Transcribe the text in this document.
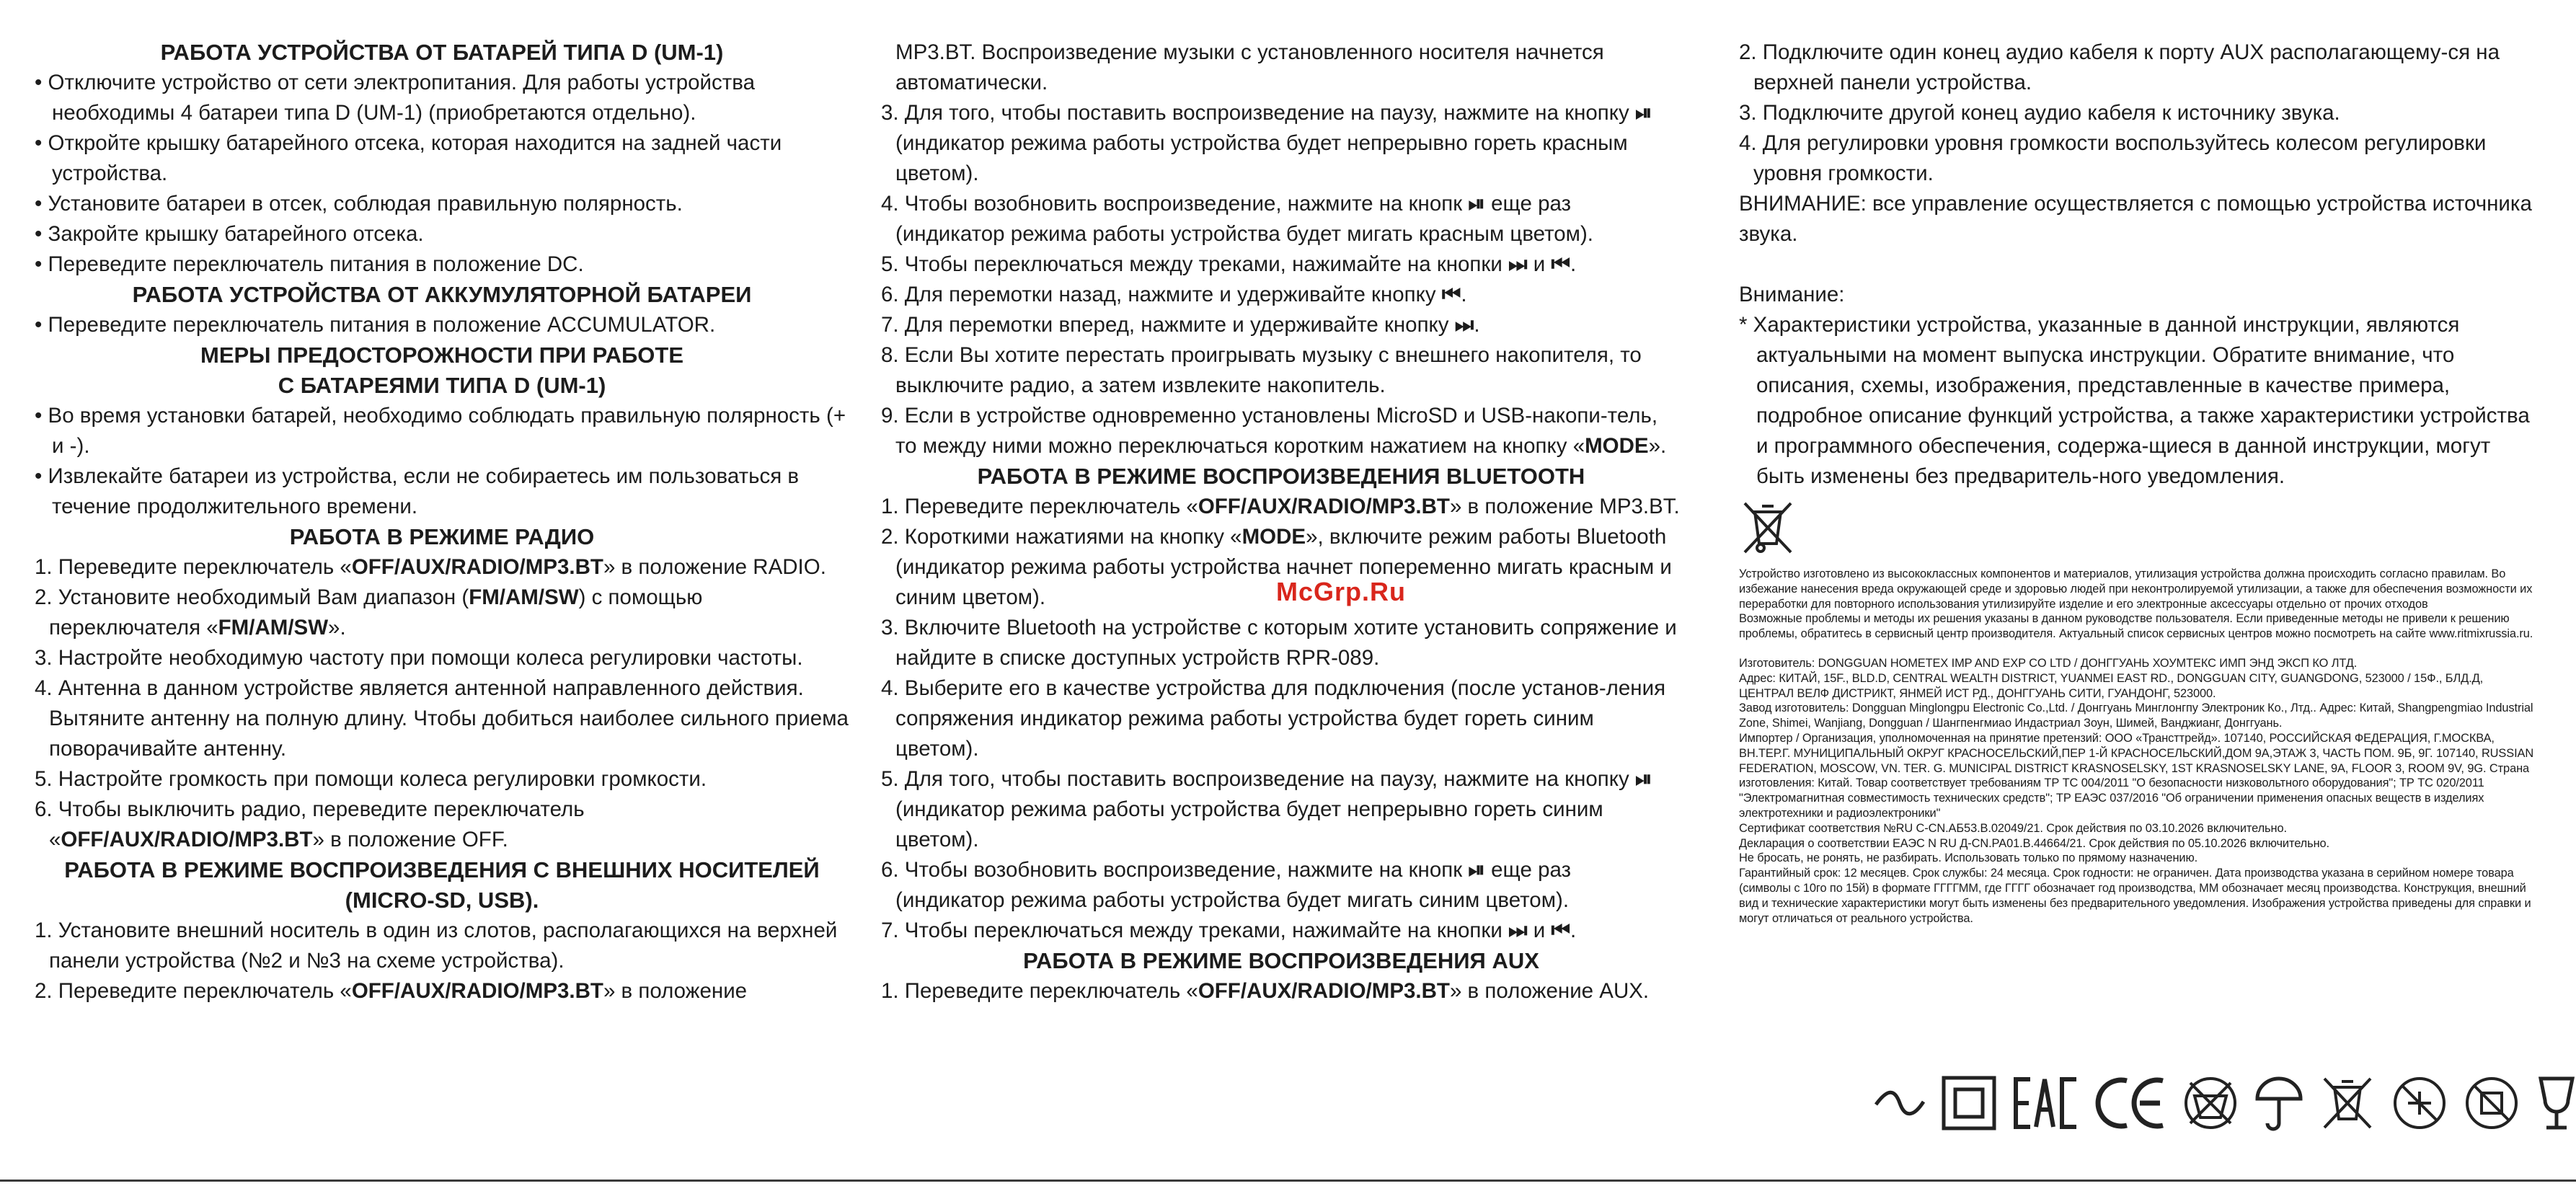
РАБОТА УСТРОЙСТВА ОТ БАТАРЕЙ ТИПА D (UM-1)

• Отключите устройство от сети электропитания. Для работы устройства необходимы 4 батареи типа D (UM-1) (приобретаются отдельно).

• Откройте крышку батарейного отсека, которая находится на задней части устройства.

• Установите батареи в отсек, соблюдая правильную полярность.

• Закройте крышку батарейного отсека.

• Переведите переключатель питания в положение DC.

РАБОТА УСТРОЙСТВА ОТ АККУМУЛЯТОРНОЙ БАТАРЕИ

• Переведите переключатель питания в положение ACCUMULATOR.

МЕРЫ ПРЕДОСТОРОЖНОСТИ ПРИ РАБОТЕ

С БАТАРЕЯМИ ТИПА D (UM-1)

• Во время установки батарей, необходимо соблюдать правильную полярность (+ и -).

• Извлекайте батареи из устройства, если не собираетесь им пользоваться в течение продолжительного времени.

РАБОТА В РЕЖИМЕ РАДИО

1. Переведите переключатель «OFF/AUX/RADIO/MP3.BT» в положение RADIO.

2. Установите необходимый Вам диапазон (FM/AM/SW) с помощью переключателя «FM/AM/SW».

3. Настройте необходимую частоту при помощи колеса регулировки частоты.

4. Антенна в данном устройстве является антенной направленного действия. Вытяните антенну на полную длину. Чтобы добиться наиболее сильного приема поворачивайте антенну.

5. Настройте громкость при помощи колеса регулировки громкости.

6. Чтобы выключить радио, переведите переключатель «OFF/AUX/RADIO/MP3.BT» в положение OFF.

РАБОТА В РЕЖИМЕ ВОСПРОИЗВЕДЕНИЯ С ВНЕШНИХ НОСИТЕЛЕЙ

(MICRO-SD, USB).

1. Установите внешний носитель в один из слотов, располагающихся на верхней панели устройства (№2 и №3 на схеме устройства).

2. Переведите переключатель «OFF/AUX/RADIO/MP3.BT» в положение

MP3.BT. Воспроизведение музыки с установленного носителя начнется автоматически.

3. Для того, чтобы поставить воспроизведение на паузу, нажмите на кнопку ⏯ (индикатор режима работы устройства будет непрерывно гореть красным цветом).

4. Чтобы возобновить воспроизведение, нажмите на кнопк ⏯ еще раз (индикатор режима работы устройства будет мигать красным цветом).

5. Чтобы переключаться между треками, нажимайте на кнопки ⏭ и ⏮.

6. Для перемотки назад, нажмите и удерживайте кнопку ⏮.

7. Для перемотки вперед, нажмите и удерживайте кнопку ⏭.

8. Если Вы хотите перестать проигрывать музыку с внешнего накопителя, то выключите радио, а затем извлеките накопитель.

9. Если в устройстве одновременно установлены MicroSD и USB-накопи-тель, то между ними можно переключаться коротким нажатием на кнопку «MODE».

РАБОТА В РЕЖИМЕ ВОСПРОИЗВЕДЕНИЯ BLUETOOTH

1. Переведите переключатель «OFF/AUX/RADIO/MP3.BT» в положение MP3.BT.

2. Короткими нажатиями на кнопку «MODE», включите режим работы Bluetooth (индикатор режима работы устройства начнет попеременно мигать красным и синим цветом).

3. Включите Bluetooth на устройстве с которым хотите установить сопряжение и найдите в списке доступных устройств RPR-089.

4. Выберите его в качестве устройства для подключения (после установ-ления сопряжения индикатор режима работы устройства будет гореть синим цветом).

5. Для того, чтобы поставить воспроизведение на паузу, нажмите на кнопку ⏯ (индикатор режима работы устройства будет непрерывно гореть синим цветом).

6. Чтобы возобновить воспроизведение, нажмите на кнопк ⏯ еще раз (индикатор режима работы устройства будет мигать синим цветом).

7. Чтобы переключаться между треками, нажимайте на кнопки ⏭ и ⏮.

РАБОТА В РЕЖИМЕ ВОСПРОИЗВЕДЕНИЯ AUX

1. Переведите переключатель «OFF/AUX/RADIO/MP3.BT» в положение AUX.

2. Подключите один конец аудио кабеля к порту AUX располагающему-ся на верхней панели устройства.

3. Подключите другой конец аудио кабеля к источнику звука.

4. Для регулировки уровня громкости воспользуйтесь колесом регулировки уровня громкости.

ВНИМАНИЕ: все управление осуществляется с помощью устройства источника звука.

Внимание:

* Характеристики устройства, указанные в данной инструкции, являются актуальными на момент выпуска инструкции. Обратите внимание, что описания, схемы, изображения, представленные в качестве примера, подробное описание функций устройства, а также характеристики устройства и программного обеспечения, содержа-щиеся в данной инструкции, могут быть изменены без предваритель-ного уведомления.

Устройство изготовлено из высококлассных компонентов и материалов, утилизация устройства должна происходить согласно правилам. Во избежание нанесения вреда окружающей среде и здоровью людей при неконтролируемой утилизации, а также для обеспечения возможности их переработки для повторного использования утилизируйте изделие и его электронные аксессуары отдельно от прочих отходов

Возможные проблемы и методы их решения указаны в данном руководстве пользователя. Если приведенные методы не привели к решению проблемы, обратитесь в сервисный центр производителя. Актуальный список сервисных центров можно посмотреть на сайте www.ritmixrussia.ru.

Изготовитель: DONGGUAN HOMETEX IMP AND EXP CO LTD / ДОНГГУАНЬ ХОУМТЕКС ИМП ЭНД ЭКСП КО ЛТД.

Адрес: КИТАЙ, 15F., BLD.D, CENTRAL WEALTH DISTRICT, YUANMEI EAST RD., DONGGUAN CITY, GUANGDONG, 523000 / 15Ф., БЛД.Д, ЦЕНТРАЛ ВЕЛФ ДИСТРИКТ, ЯНМЕЙ ИСТ РД., ДОНГГУАНЬ СИТИ, ГУАНДОНГ, 523000.

Завод изготовитель: Dongguan Minglongpu Electronic Co.,Ltd. / Донггуань Минглонгпу Электроник Ко., Лтд.. Адрес: Китай, Shangpengmiao Industrial Zone, Shimei, Wanjiang, Dongguan / Шангпенгмиао Индастриал Зоун, Шимей, Ванджианг, Донггуань.

Импортер / Организация, уполномоченная на принятие претензий: ООО «Трансттрейд». 107140, РОССИЙСКАЯ ФЕДЕРАЦИЯ, Г.МОСКВА, ВН.ТЕР.Г. МУНИЦИПАЛЬНЫЙ ОКРУГ КРАСНОСЕЛЬСКИЙ,ПЕР 1-Й КРАСНОСЕЛЬСКИЙ,ДОМ 9А,ЭТАЖ 3, ЧАСТЬ ПОМ. 9Б, 9Г. 107140, RUSSIAN FEDERATION, MOSCOW, VN. TER. G. MUNICIPAL DISTRICT KRASNOSELSKY, 1ST KRASNOSELSKY LANE, 9A, FLOOR 3, ROOM 9V, 9G. Страна изготовления: Китай. Товар соответствует требованиям ТР ТС 004/2011 "О безопасности низковольтного оборудования"; ТР ТС 020/2011 "Электромагнитная совместимость технических средств"; ТР ЕАЭС 037/2016 "Об ограничении применения опасных веществ в изделиях электротехники и радиоэлектроники"

Сертификат соответствия №RU C-CN.АБ53.В.02049/21. Срок действия по 03.10.2026 включительно.

Декларация о соответствии ЕАЭС N RU Д-CN.РА01.В.44664/21. Срок действия по 05.10.2026 включительно.

Не бросать, не ронять, не разбирать. Использовать только по прямому назначению.

Гарантийный срок: 12 месяцев. Срок службы: 24 месяца. Срок годности: не ограничен. Дата производства указана в серийном номере товара (символы с 10го по 15й) в формате ГГГГММ, где ГГГГ обозначает год производства, ММ обозначает месяц производства. Конструкция, внешний вид и технические характеристики могут быть изменены без предварительного уведомления. Изображения устройства приведены для справки и могут отличаться от реального устройства.

McGrp.Ru
